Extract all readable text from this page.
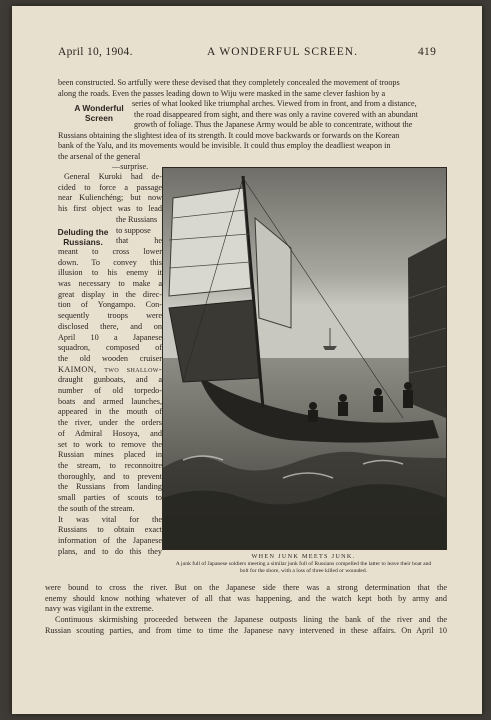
April 10, 1904.	A WONDERFUL SCREEN.	419
been constructed. So artfully were these devised that they completely concealed the movement of troops
along the roads. Even the passes leading down to Wiju were masked in the same clever fashion by a
series of what looked like triumphal arches. Viewed from in front, and from a distance,
the road disappeared from sight, and there was only a ravine covered with an abundant
growth of foliage. Thus the Japanese Army would be able to concentrate, without the
Russians obtaining the slightest idea of its strength. It could move backwards or forwards on the Korean
bank of the Yalu, and its movements would be invisible. It could thus employ the deadliest weapon in
the arsenal of the general
—surprise.
A Wonderful
Screen
Deluding the
Russians.
General Kuroki had de-
cided to force a passage
near Kulienchéng; but now
his first object was to lead
the Russians
to suppose
that he
meant to cross lower
down. To convey this
illusion to his enemy it
was necessary to make a
great display in the direc-
tion of Yongampo. Con-
sequently troops were
disclosed there, and on
April 10 a Japanese
squadron, composed of
the old wooden cruiser
KAIMON, two shallow-
draught gunboats, and a
number of old torpedo-
boats and armed launches,
appeared in the mouth of
the river, under the orders
of Admiral Hosoya, and
set to work to remove the
Russian mines placed in
the stream, to reconnoitre
thoroughly, and to prevent
the Russians from landing
small parties of scouts to
the south of the stream.
It was vital for the
Russians to obtain exact
information of the Japanese
plans, and to do this they
WHEN JUNK MEETS JUNK.
A junk full of Japanese soldiers meeting a similar junk full of Russians compelled the latter to leave their boat and
bolt for the shore, with a loss of three killed or wounded.
were bound to cross the river. But on the Japanese side there was a strong determination that the
enemy should know nothing whatever of all that was happening, and the watch kept both by army and
navy was vigilant in the extreme.
Continuous skirmishing proceeded between the Japanese outposts lining the bank of the river and the
Russian scouting parties, and from time to time the Japanese navy intervened in these affairs. On April 10
